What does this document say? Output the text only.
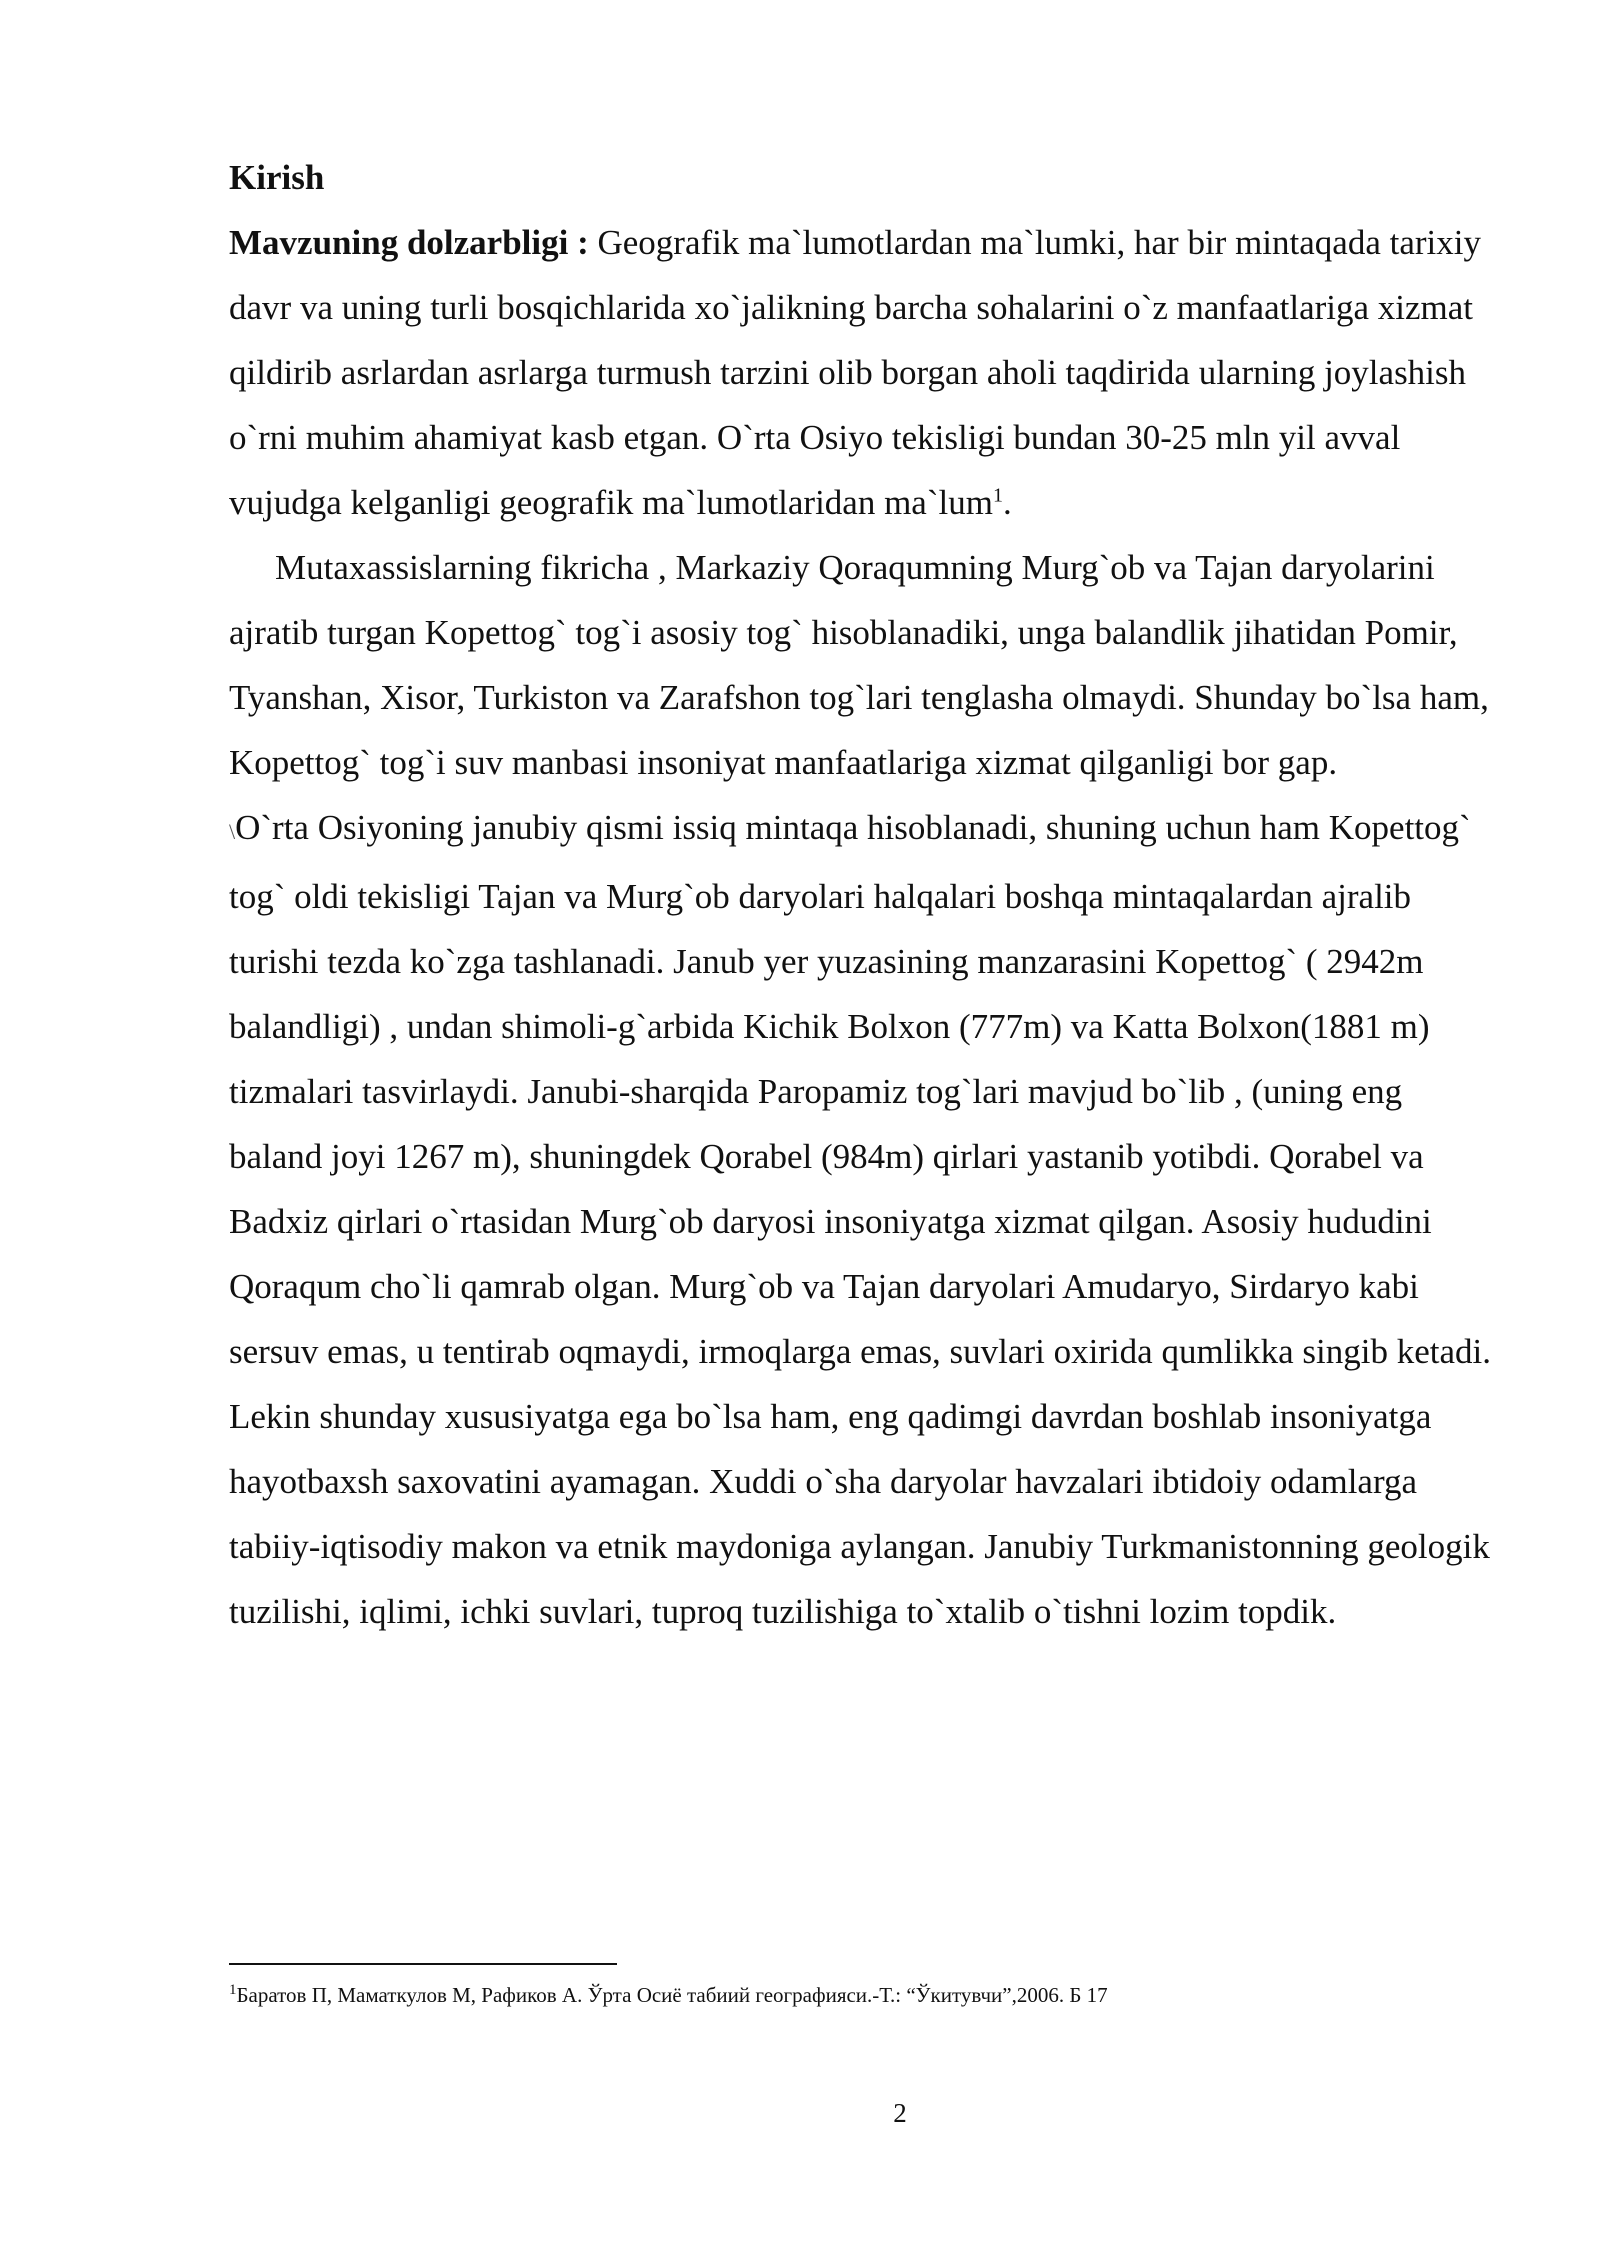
Kirish

Mavzuning dolzarbligi : Geografik ma`lumotlardan ma`lumki, har bir mintaqada tarixiy davr va uning turli bosqichlarida xo`jalikning barcha sohalarini o`z manfaatlariga xizmat qildirib asrlardan asrlarga turmush tarzini olib borgan aholi taqdirida ularning joylashish o`rni muhim ahamiyat kasb etgan. O`rta Osiyo tekisligi bundan 30-25 mln yil avval vujudga kelganligi geografik ma`lumotlaridan ma`lum$^1$.

Mutaxassislarning fikricha , Markaziy Qoraqumning Murg`ob va Tajan daryolarini ajratib turgan Kopettog` tog`i asosiy tog` hisoblanadiki, unga balandlik jihatidan Pomir, Tyanshan, Xisor, Turkiston va Zarafshon tog`lari tenglasha olmaydi. Shunday bo`lsa ham, Kopettog` tog`i suv manbasi insoniyat manfaatlariga xizmat qilganligi bor gap.

\O`rta Osiyoning janubiy qismi issiq mintaqa hisoblanadi, shuning uchun ham Kopettog` tog` oldi tekisligi Tajan va Murg`ob daryolari halqalari boshqa mintaqalardan ajralib turishi tezda ko`zga tashlanadi. Janub yer yuzasining manzarasini Kopettog` ( 2942m balandligi) , undan shimoli-g`arbida Kichik Bolxon (777m) va Katta Bolxon(1881 m) tizmalari tasvirlaydi. Janubi-sharqida Paropamiz tog`lari mavjud bo`lib , (uning eng baland joyi 1267 m), shuningdek Qorabel (984m) qirlari yastanib yotibdi. Qorabel va Badxiz qirlari o`rtasidan Murg`ob daryosi insoniyatga xizmat qilgan. Asosiy hududini Qoraqum cho`li qamrab olgan. Murg`ob va Tajan daryolari Amudaryo, Sirdaryo kabi sersuv emas, u tentirab oqmaydi, irmoqlarga emas, suvlari oxirida qumlikka singib ketadi. Lekin shunday xususiyatga ega bo`lsa ham, eng qadimgi davrdan boshlab insoniyatga hayotbaxsh saxovatini ayamagan. Xuddi o`sha daryolar havzalari ibtidoiy odamlarga tabiiy-iqtisodiy makon va etnik maydoniga aylangan. Janubiy Turkmanistonning geologik tuzilishi, iqlimi, ichki suvlari, tuproq tuzilishiga to`xtalib o`tishni lozim topdik.

$^1$Баратов П, Маматкулов М, Рафиков А. Ўрта Осиё табиий географияси.-Т.: “Ўкитувчи”,2006. Б 17
2
